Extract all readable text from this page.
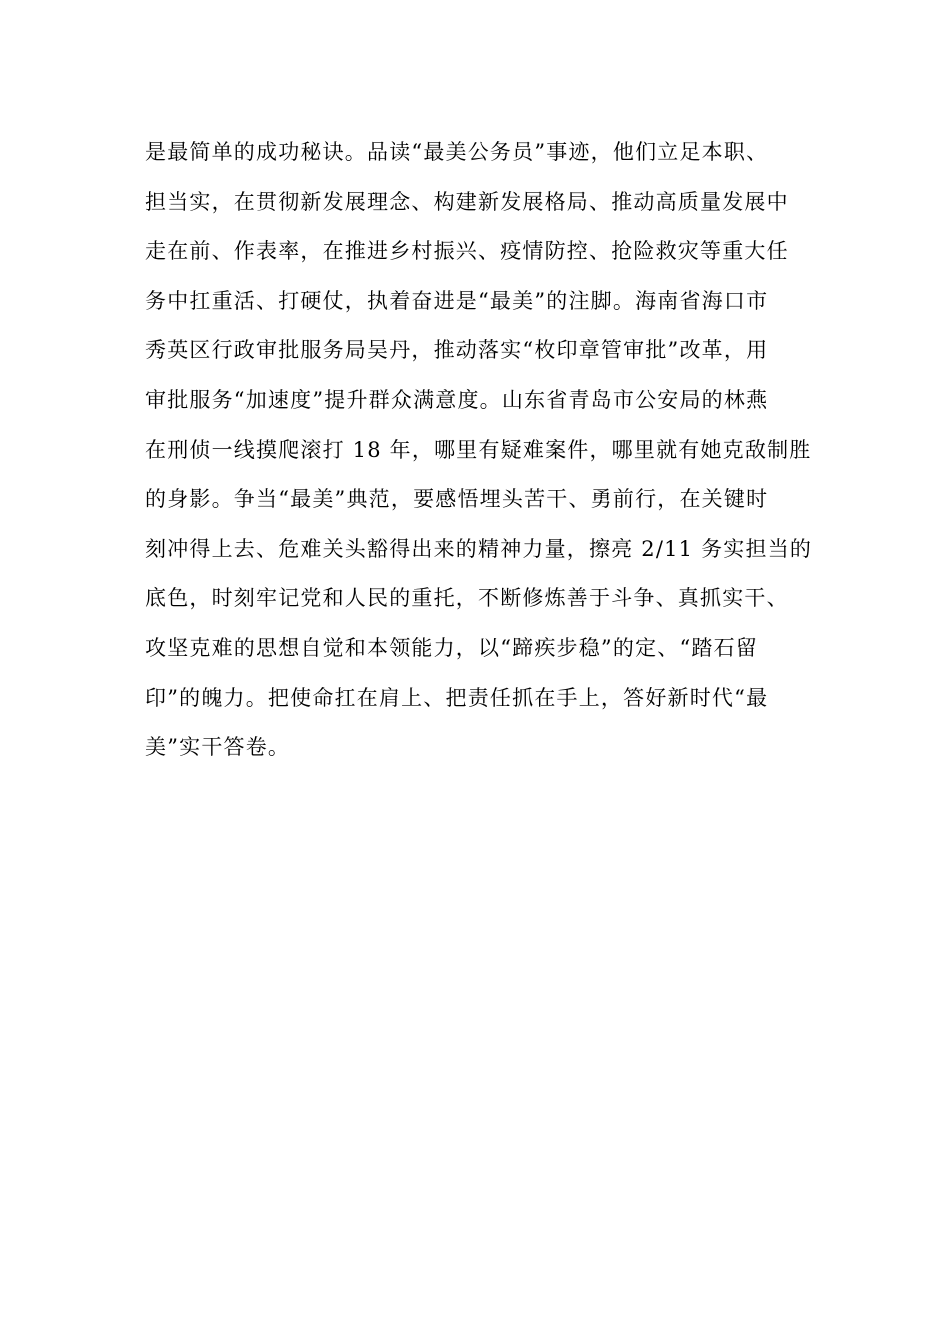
是最简单的成功秘诀。品读“最美公务员”事迹，他们立足本职、
担当实，在贯彻新发展理念、构建新发展格局、推动高质量发展中
走在前、作表率，在推进乡村振兴、疫情防控、抢险救灾等重大任
务中扛重活、打硬仗，执着奋进是“最美”的注脚。海南省海口市
秀英区行政审批服务局吴丹，推动落实“枚印章管审批”改革，用
审批服务“加速度”提升群众满意度。山东省青岛市公安局的林燕
在刑侦一线摸爬滚打 18 年，哪里有疑难案件，哪里就有她克敌制胜
的身影。争当“最美”典范，要感悟埋头苦干、勇前行，在关键时
刻冲得上去、危难关头豁得出来的精神力量，擦亮 2/11 务实担当的
底色，时刻牢记党和人民的重托，不断修炼善于斗争、真抓实干、
攻坚克难的思想自觉和本领能力，以“蹄疾步稳”的定、“踏石留
印”的魄力。把使命扛在肩上、把责任抓在手上，答好新时代“最
美”实干答卷。
